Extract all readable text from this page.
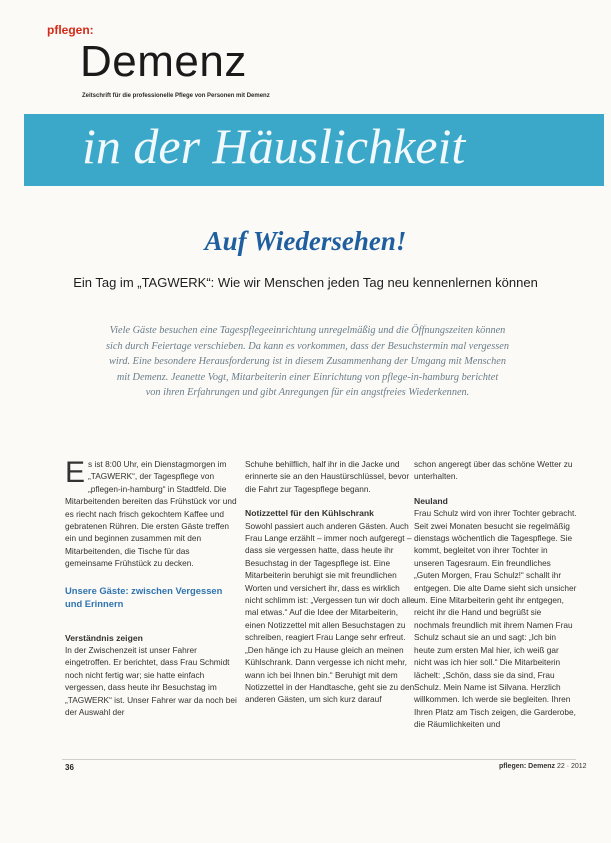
pflegen:
Demenz
Zeitschrift für die professionelle Pflege von Personen mit Demenz
in der Häuslichkeit
Auf Wiedersehen!
Ein Tag im „TAGWERK“: Wie wir Menschen jeden Tag neu kennenlernen können
Viele Gäste besuchen eine Tagespflegeeinrichtung unregelmäßig und die Öffnungszeiten können
sich durch Feiertage verschieben. Da kann es vorkommen, dass der Besuchstermin mal vergessen
wird. Eine besondere Herausforderung ist in diesem Zusammenhang der Umgang mit Menschen
mit Demenz. Jeanette Vogt, Mitarbeiterin einer Einrichtung von pflege-in-hamburg berichtet
von ihren Erfahrungen und gibt Anregungen für ein angstfreies Wiederkennen.

Es ist 8:00 Uhr, ein Dienstagmorgen im „TAGWERK“, der Tagespflege von „pflegen-in-hamburg“ in Stadtfeld. Die Mitarbeitenden bereiten das Frühstück vor und es riecht nach frisch gekochtem Kaffee und gebratenen Rühren. Die ersten Gäste treffen ein und beginnen zusammen mit den Mitarbeitenden, die Tische für das gemeinsame Frühstück zu decken.

Unsere Gäste: zwischen Vergessen und Erinnern
Verständnis zeigen

In der Zwischenzeit ist unser Fahrer eingetroffen. Er berichtet, dass Frau Schmidt noch nicht fertig war; sie hatte einfach vergessen, dass heute ihr Besuchstag im „TAGWERK“ ist. Unser Fahrer war da noch bei der Auswahl der

Schuhe behilflich, half ihr in die Jacke und erinnerte sie an den Haustürschlüssel, bevor die Fahrt zur Tagespflege begann.

Notizzettel für den Kühlschrank

Sowohl passiert auch anderen Gästen. Auch Frau Lange erzählt – immer noch aufgeregt – dass sie vergessen hatte, dass heute ihr Besuchstag in der Tagespflege ist. Eine Mitarbeiterin beruhigt sie mit freundlichen Worten und versichert ihr, dass es wirklich nicht schlimm ist: „Vergessen tun wir doch alle mal etwas.“ Auf die Idee der Mitarbeiterin, einen Notizzettel mit allen Besuchstagen zu schreiben, reagiert Frau Lange sehr erfreut. „Den hänge ich zu Hause gleich an meinen Kühlschrank. Dann vergesse ich nicht mehr, wann ich bei Ihnen bin.“ Beruhigt mit dem Notizzettel in der Handtasche, geht sie zu den anderen Gästen, um sich kurz darauf

schon angeregt über das schöne Wetter zu unterhalten.

Neuland

Frau Schulz wird von ihrer Tochter gebracht. Seit zwei Monaten besucht sie regelmäßig dienstags wöchentlich die Tagespflege. Sie kommt, begleitet von ihrer Tochter in unseren Tagesraum. Ein freundliches „Guten Morgen, Frau Schulz!“ schallt ihr entgegen. Die alte Dame sieht sich unsicher um. Eine Mitarbeiterin geht ihr entgegen, reicht ihr die Hand und begrüßt sie nochmals freundlich mit ihrem Namen Frau Schulz schaut sie an und sagt: „Ich bin heute zum ersten Mal hier, ich weiß gar nicht was ich hier soll.“ Die Mitarbeiterin lächelt: „Schön, dass sie da sind, Frau Schulz. Mein Name ist Silvana. Herzlich willkommen. Ich werde sie begleiten. Ihren Ihren Platz am Tisch zeigen, die Garderobe, die Räumlichkeiten und

36	pflegen: Demenz 22 · 2012
